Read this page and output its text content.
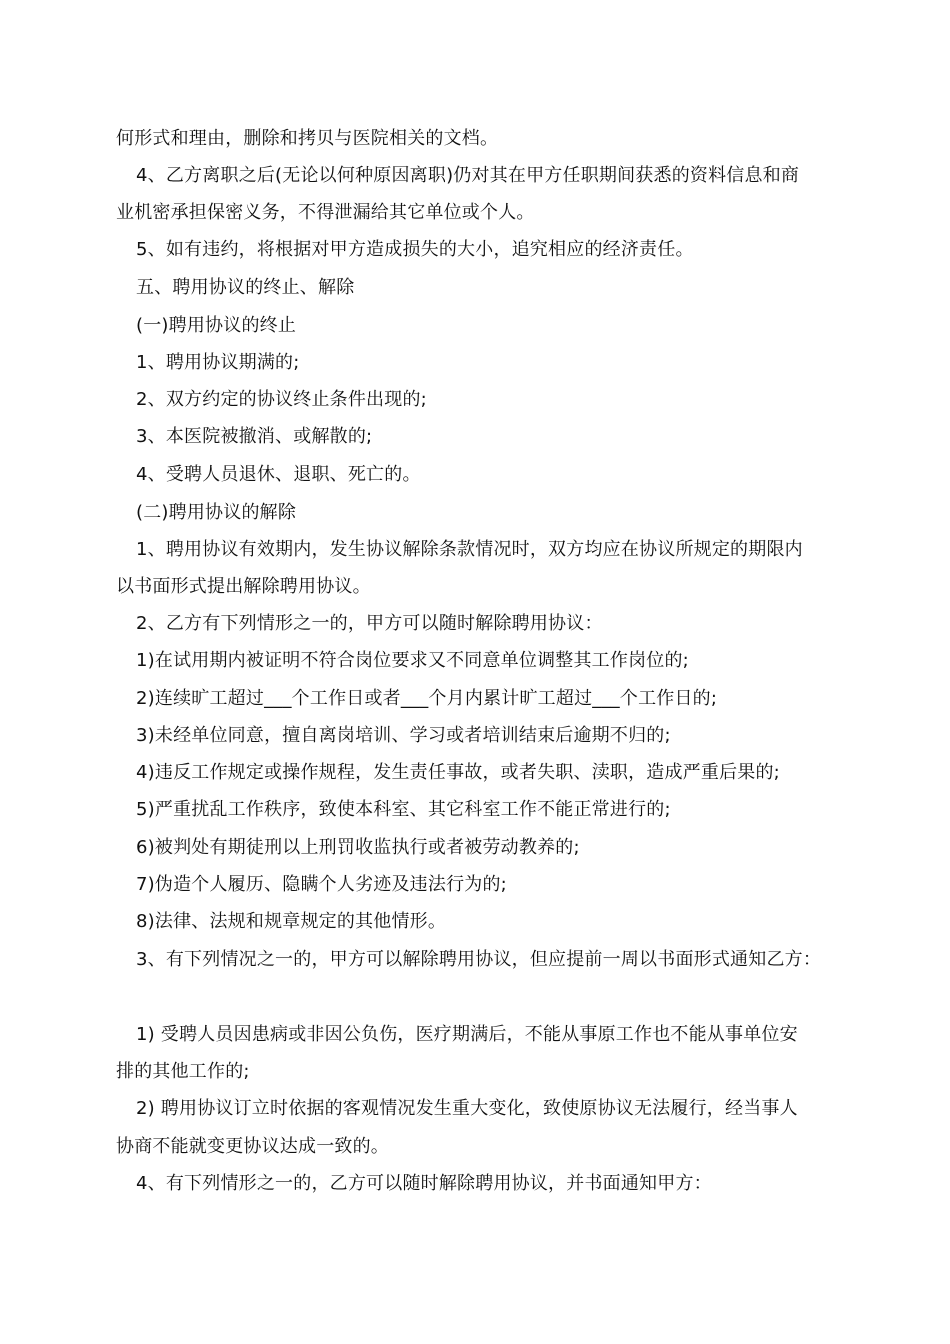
何形式和理由，删除和拷贝与医院相关的文档。
4、乙方离职之后(无论以何种原因离职)仍对其在甲方任职期间获悉的资料信息和商
业机密承担保密义务，不得泄漏给其它单位或个人。
5、如有违约，将根据对甲方造成损失的大小，追究相应的经济责任。
五、聘用协议的终止、解除
(一)聘用协议的终止
1、聘用协议期满的;
2、双方约定的协议终止条件出现的;
3、本医院被撤消、或解散的;
4、受聘人员退休、退职、死亡的。
(二)聘用协议的解除
1、聘用协议有效期内，发生协议解除条款情况时，双方均应在协议所规定的期限内
以书面形式提出解除聘用协议。
2、乙方有下列情形之一的，甲方可以随时解除聘用协议：
1)在试用期内被证明不符合岗位要求又不同意单位调整其工作岗位的;
2)连续旷工超过___个工作日或者___个月内累计旷工超过___个工作日的;
3)未经单位同意，擅自离岗培训、学习或者培训结束后逾期不归的;
4)违反工作规定或操作规程，发生责任事故，或者失职、渎职，造成严重后果的;
5)严重扰乱工作秩序，致使本科室、其它科室工作不能正常进行的;
6)被判处有期徒刑以上刑罚收监执行或者被劳动教养的;
7)伪造个人履历、隐瞒个人劣迹及违法行为的;
8)法律、法规和规章规定的其他情形。
3、有下列情况之一的，甲方可以解除聘用协议，但应提前一周以书面形式通知乙方：
1) 受聘人员因患病或非因公负伤，医疗期满后，不能从事原工作也不能从事单位安
排的其他工作的;
2) 聘用协议订立时依据的客观情况发生重大变化，致使原协议无法履行，经当事人
协商不能就变更协议达成一致的。
4、有下列情形之一的，乙方可以随时解除聘用协议，并书面通知甲方：
